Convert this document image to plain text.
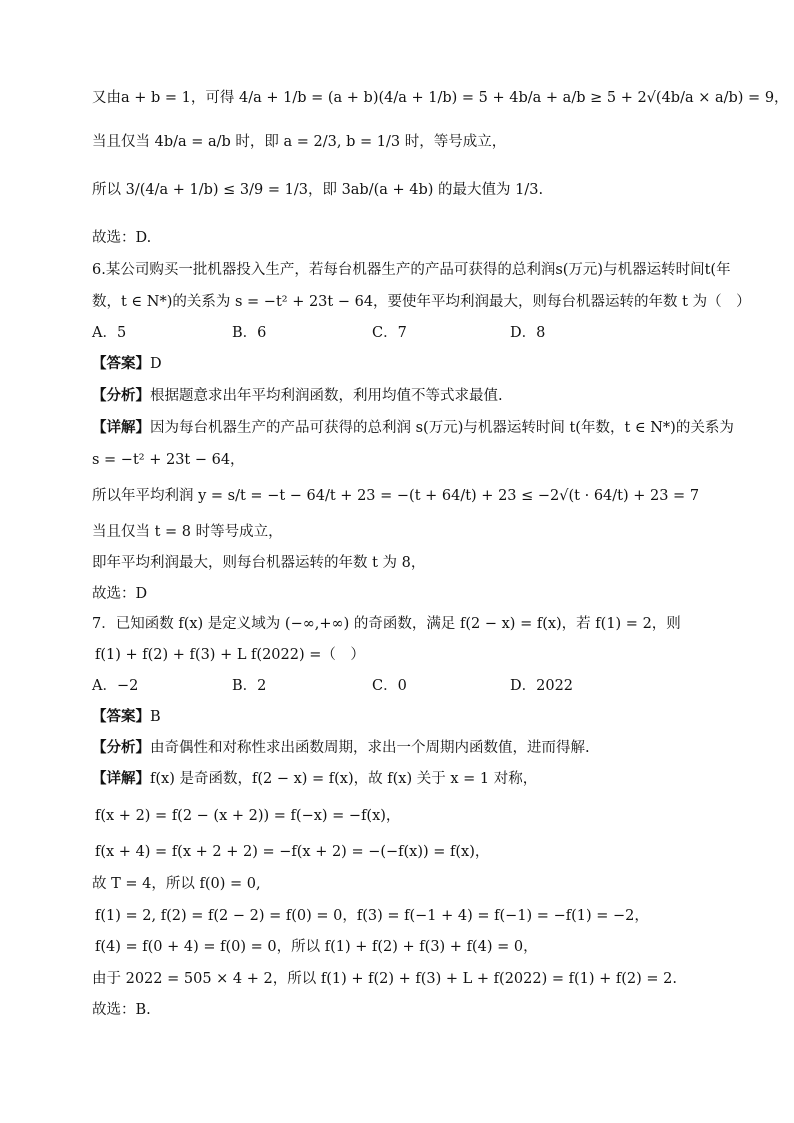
又由a + b = 1，可得 4/a + 1/b = (a + b)(4/a + 1/b) = 5 + 4b/a + a/b ≥ 5 + 2√(4b/a × a/b) = 9，
当且仅当 4b/a = a/b 时，即 a = 2/3, b = 1/3 时，等号成立，
所以 3/(4/a + 1/b) ≤ 3/9 = 1/3，即 3ab/(a + 4b) 的最大值为 1/3.
故选：D.
6.某公司购买一批机器投入生产，若每台机器生产的产品可获得的总利润s(万元)与机器运转时间t(年
数，t ∈ N*)的关系为 s = −t² + 23t − 64，要使年平均利润最大，则每台机器运转的年数 t 为（　）
A．5	B．6	C．7	D．8
【答案】D
【分析】根据题意求出年平均利润函数，利用均值不等式求最值.
【详解】因为每台机器生产的产品可获得的总利润 s(万元)与机器运转时间 t(年数，t ∈ N*)的关系为
s = −t² + 23t − 64，
所以年平均利润 y = s/t = −t − 64/t + 23 = −(t + 64/t) + 23 ≤ −2√(t · 64/t) + 23 = 7
当且仅当 t = 8 时等号成立，
即年平均利润最大，则每台机器运转的年数 t 为 8，
故选：D
7．已知函数 f(x) 是定义域为 (−∞,+∞) 的奇函数，满足 f(2 − x) = f(x)，若 f(1) = 2，则
f(1) + f(2) + f(3) + L f(2022) =（　）
A．−2	B．2	C．0	D．2022
【答案】B
【分析】由奇偶性和对称性求出函数周期，求出一个周期内函数值，进而得解.
【详解】f(x) 是奇函数，f(2 − x) = f(x)，故 f(x) 关于 x = 1 对称，
f(x + 2) = f(2 − (x + 2)) = f(−x) = −f(x)，
f(x + 4) = f(x + 2 + 2) = −f(x + 2) = −(−f(x)) = f(x)，
故 T = 4，所以 f(0) = 0,
f(1) = 2, f(2) = f(2 − 2) = f(0) = 0，f(3) = f(−1 + 4) = f(−1) = −f(1) = −2，
f(4) = f(0 + 4) = f(0) = 0，所以 f(1) + f(2) + f(3) + f(4) = 0，
由于 2022 = 505 × 4 + 2，所以 f(1) + f(2) + f(3) + L + f(2022) = f(1) + f(2) = 2.
故选：B.
